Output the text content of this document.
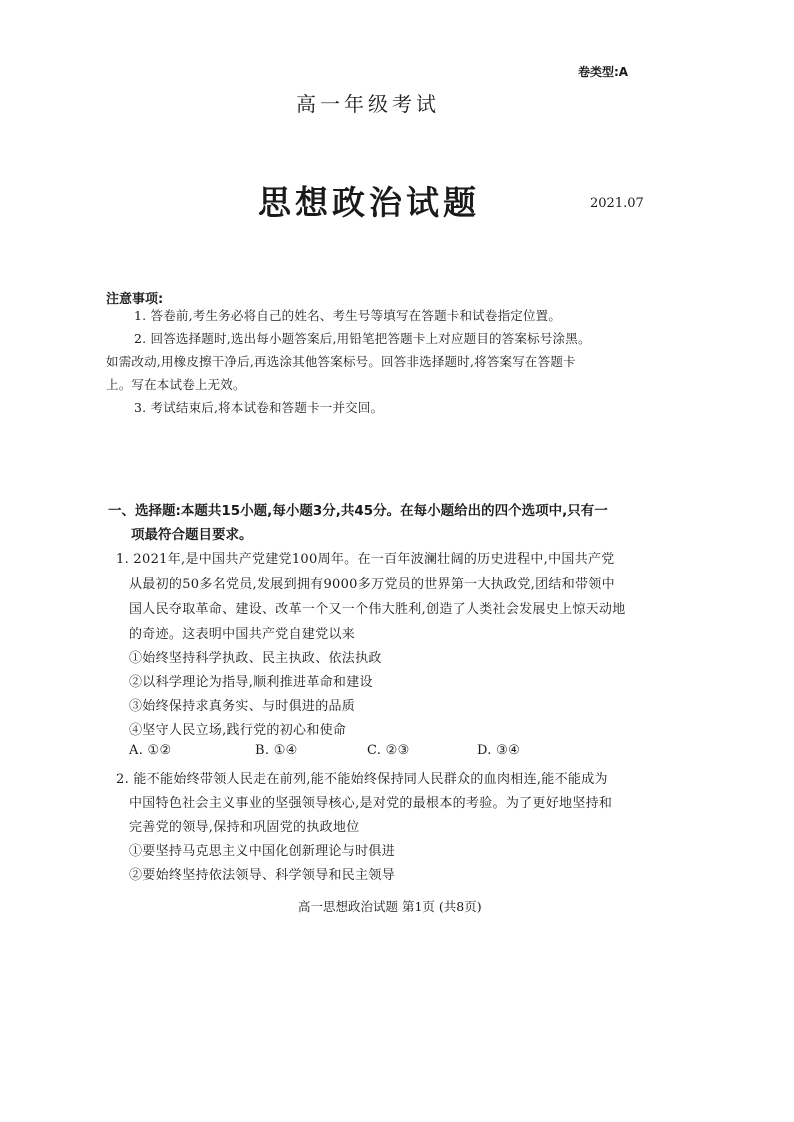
卷类型:A
高一年级考试
思想政治试题	2021.07
注意事项:
1. 答卷前,考生务必将自己的姓名、考生号等填写在答题卡和试卷指定位置。
2. 回答选择题时,选出每小题答案后,用铅笔把答题卡上对应题目的答案标号涂黑。
如需改动,用橡皮擦干净后,再选涂其他答案标号。回答非选择题时,将答案写在答题卡
上。写在本试卷上无效。
3. 考试结束后,将本试卷和答题卡一并交回。
一、选择题:本题共15小题,每小题3分,共45分。在每小题给出的四个选项中,只有一
项最符合题目要求。
1. 2021年,是中国共产党建党100周年。在一百年波澜壮阔的历史进程中,中国共产党
从最初的50多名党员,发展到拥有9000多万党员的世界第一大执政党,团结和带领中
国人民夺取革命、建设、改革一个又一个伟大胜利,创造了人类社会发展史上惊天动地
的奇迹。这表明中国共产党自建党以来
①始终坚持科学执政、民主执政、依法执政
②以科学理论为指导,顺利推进革命和建设
③始终保持求真务实、与时俱进的品质
④坚守人民立场,践行党的初心和使命
A. ①②	B. ①④	C. ②③	D. ③④
2. 能不能始终带领人民走在前列,能不能始终保持同人民群众的血肉相连,能不能成为
中国特色社会主义事业的坚强领导核心,是对党的最根本的考验。为了更好地坚持和
完善党的领导,保持和巩固党的执政地位
①要坚持马克思主义中国化创新理论与时俱进
②要始终坚持依法领导、科学领导和民主领导
高一思想政治试题 第1页 (共8页)
